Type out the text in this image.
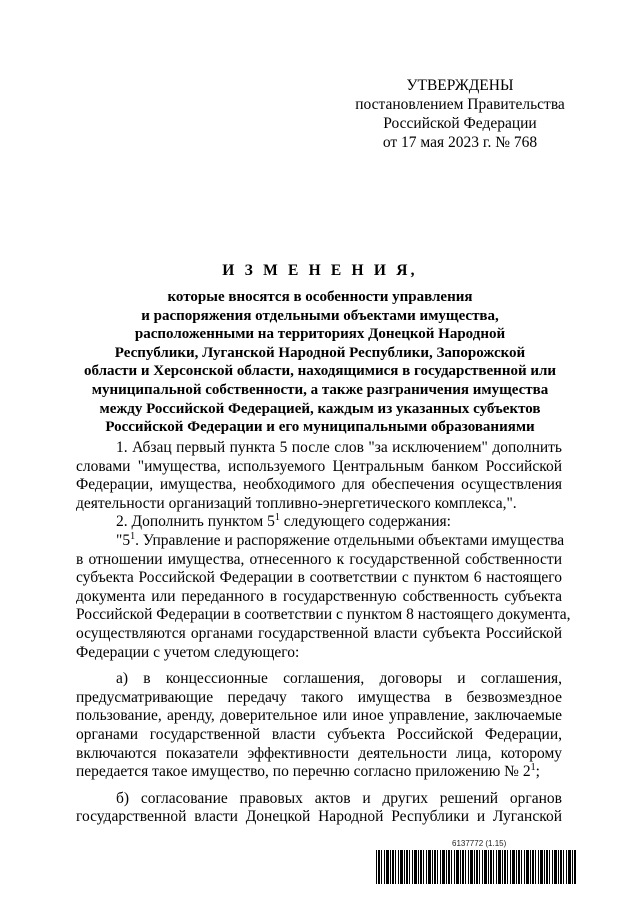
УТВЕРЖДЕНЫ
постановлением Правительства
Российской Федерации
от 17 мая 2023 г. № 768
И З М Е Н Е Н И Я,
которые вносятся в особенности управления
и распоряжения отдельными объектами имущества,
расположенными на территориях Донецкой Народной
Республики, Луганской Народной Республики, Запорожской
области и Херсонской области, находящимися в государственной или
муниципальной собственности, а также разграничения имущества
между Российской Федерацией, каждым из указанных субъектов
Российской Федерации и его муниципальными образованиями
1. Абзац первый пункта 5 после слов "за исключением" дополнить
словами "имущества, используемого Центральным банком Российской
Федерации, имущества, необходимого для обеспечения осуществления
деятельности организаций топливно-энергетического комплекса,".
2. Дополнить пунктом $5^1$ следующего содержания:
"$5^1$. Управление и распоряжение отдельными объектами имущества
в отношении имущества, отнесенного к государственной собственности
субъекта Российской Федерации в соответствии с пунктом 6 настоящего
документа или переданного в государственную собственность субъекта
Российской Федерации в соответствии с пунктом 8 настоящего документа,
осуществляются органами государственной власти субъекта Российской
Федерации с учетом следующего:
а) в концессионные соглашения, договоры и соглашения,
предусматривающие передачу такого имущества в безвозмездное
пользование, аренду, доверительное или иное управление, заключаемые
органами государственной власти субъекта Российской Федерации,
включаются показатели эффективности деятельности лица, которому
передается такое имущество, по перечню согласно приложению № $2^1$;
б) согласование правовых актов и других решений органов
государственной власти Донецкой Народной Республики и Луганской
6137772 (1.15)
